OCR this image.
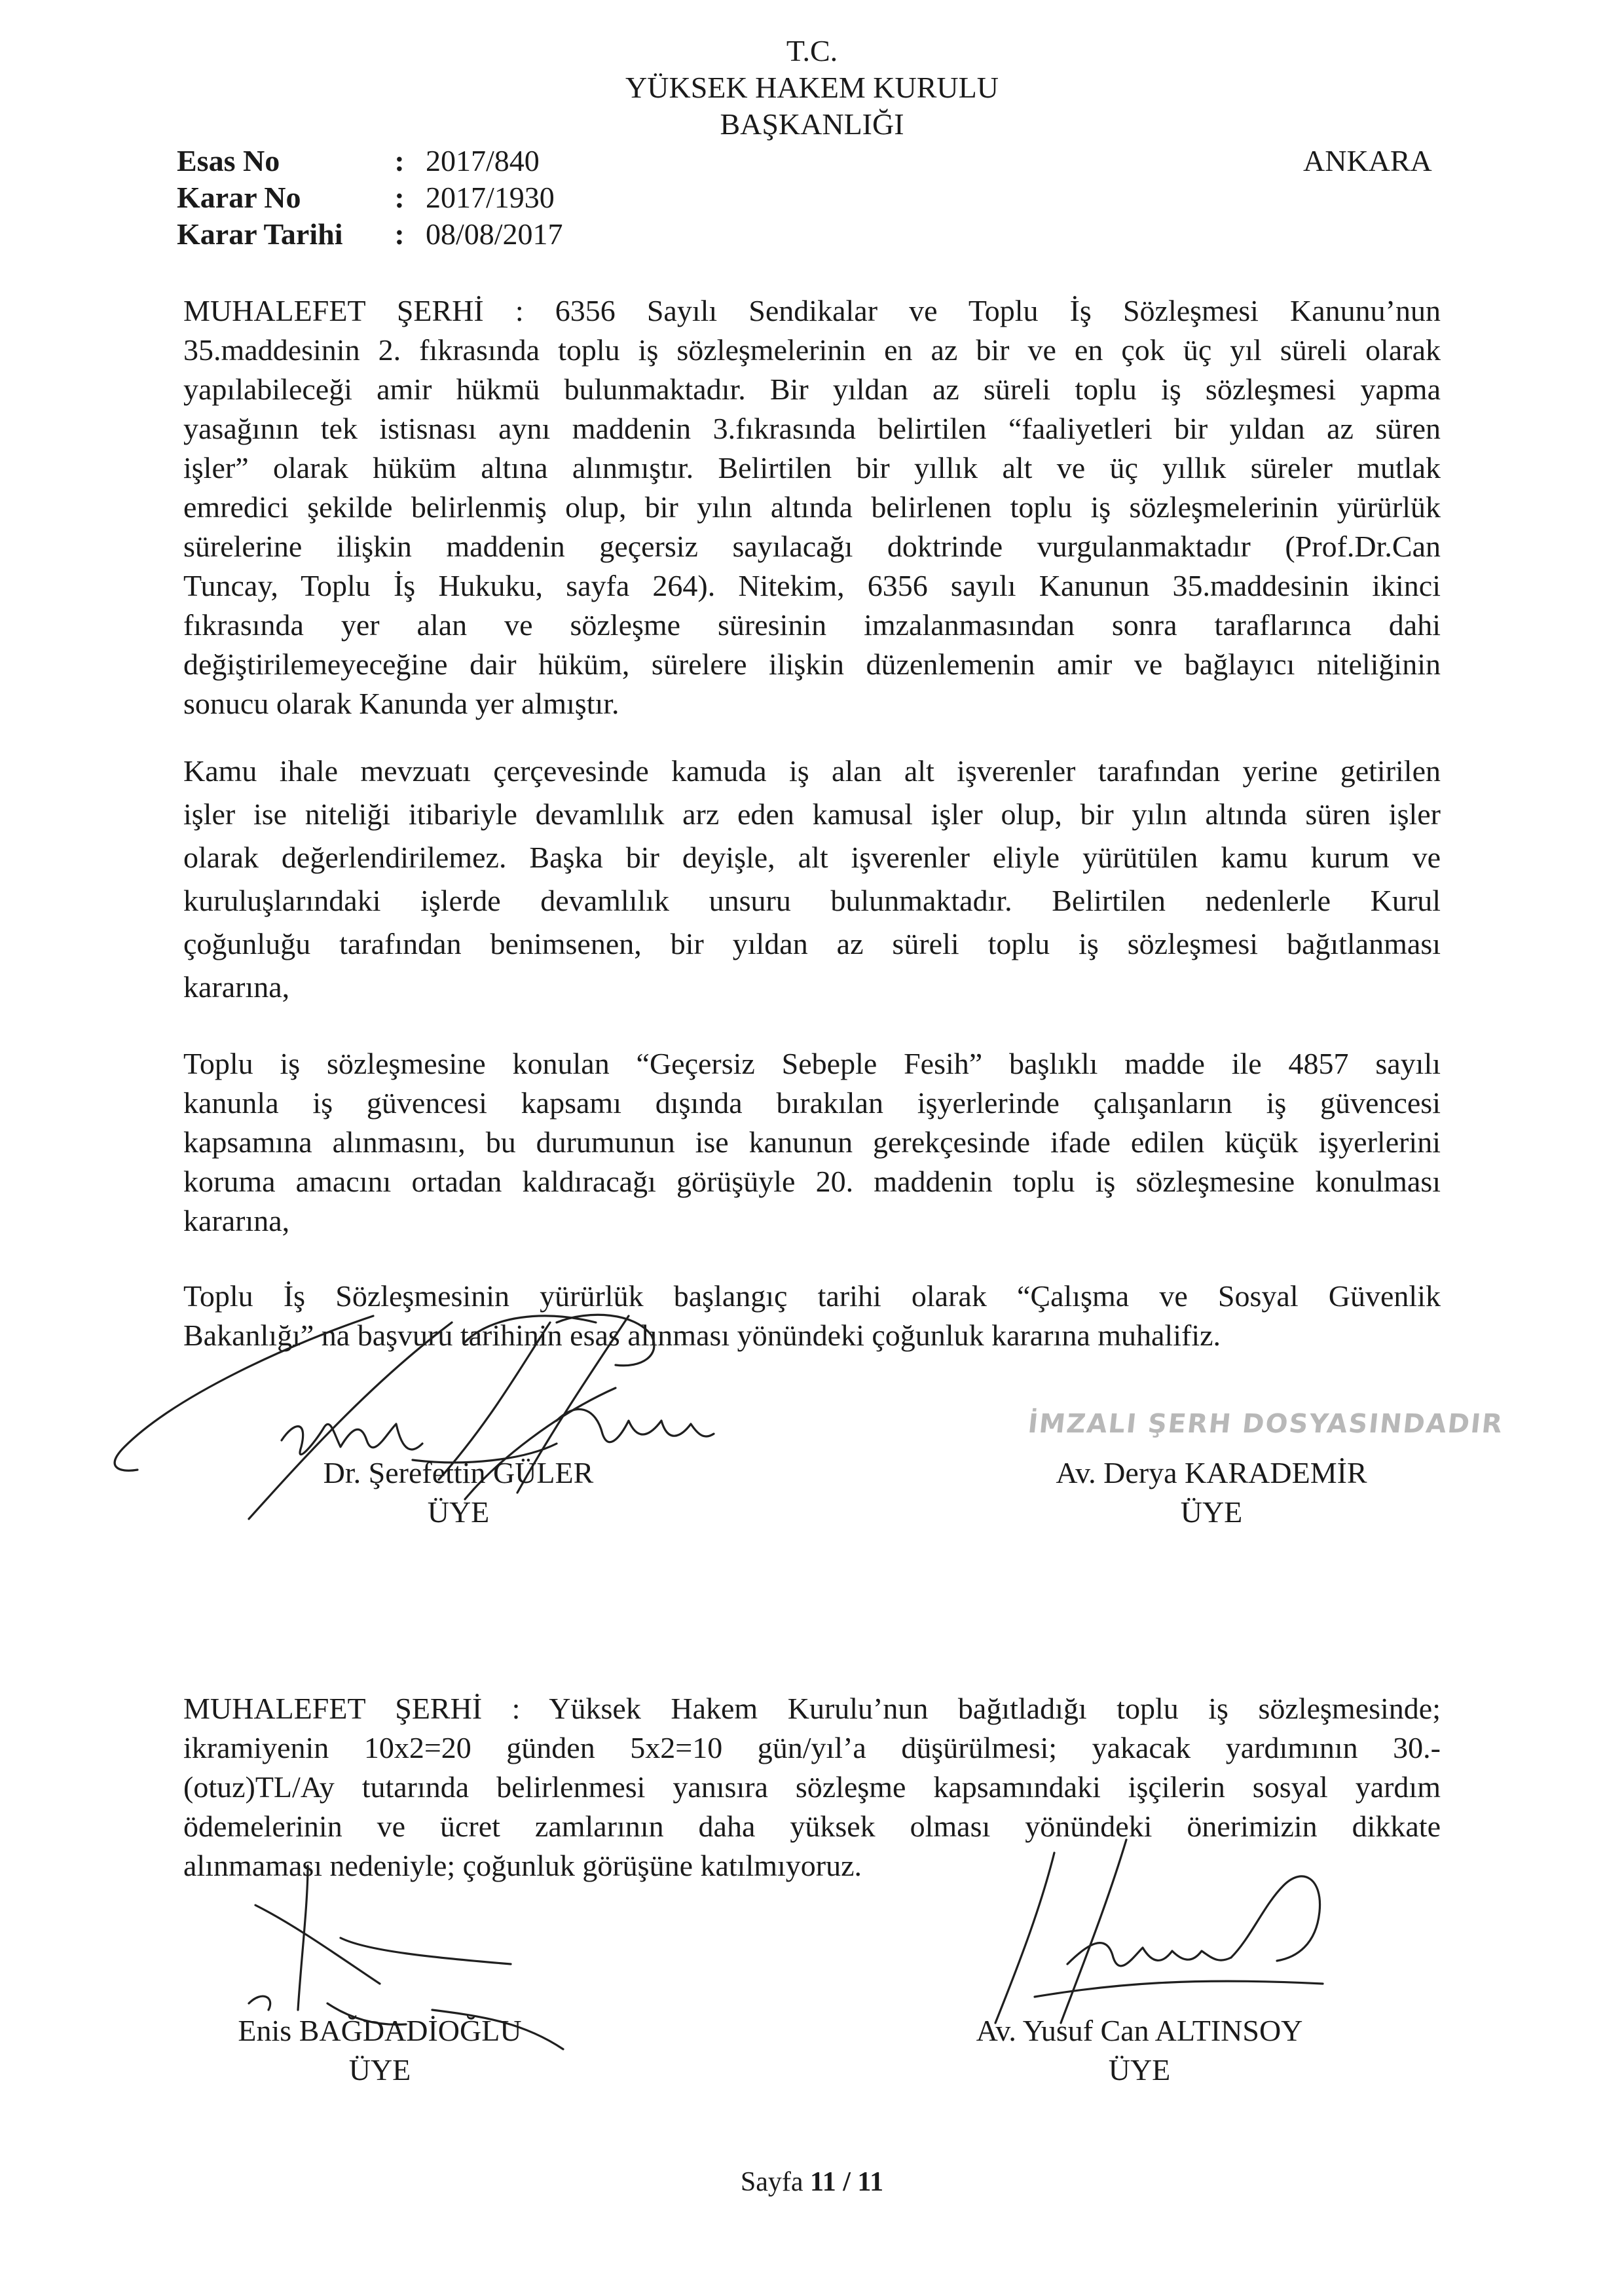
T.C.
YÜKSEK HAKEM KURULU
BAŞKANLIĞI
ANKARA
Esas No	: 2017/840
Karar No	: 2017/1930
Karar Tarihi : 08/08/2017
MUHALEFET ŞERHİ : 6356 Sayılı Sendikalar ve Toplu İş Sözleşmesi Kanunu’nun
35.maddesinin 2. fıkrasında toplu iş sözleşmelerinin en az bir ve en çok üç yıl süreli olarak
yapılabileceği amir hükmü bulunmaktadır. Bir yıldan az süreli toplu iş sözleşmesi yapma
yasağının tek istisnası aynı maddenin 3.fıkrasında belirtilen “faaliyetleri bir yıldan az süren
işler” olarak hüküm altına alınmıştır. Belirtilen bir yıllık alt ve üç yıllık süreler mutlak
emredici şekilde belirlenmiş olup, bir yılın altında belirlenen toplu iş sözleşmelerinin yürürlük
sürelerine ilişkin maddenin geçersiz sayılacağı doktrinde vurgulanmaktadır (Prof.Dr.Can
Tuncay, Toplu İş Hukuku, sayfa 264). Nitekim, 6356 sayılı Kanunun 35.maddesinin ikinci
fıkrasında yer alan ve sözleşme süresinin imzalanmasından sonra taraflarınca dahi
değiştirilemeyeceğine dair hüküm, sürelere ilişkin düzenlemenin amir ve bağlayıcı niteliğinin
sonucu olarak Kanunda yer almıştır.
Kamu ihale mevzuatı çerçevesinde kamuda iş alan alt işverenler tarafından yerine getirilen
işler ise niteliği itibariyle devamlılık arz eden kamusal işler olup, bir yılın altında süren işler
olarak değerlendirilemez. Başka bir deyişle, alt işverenler eliyle yürütülen kamu kurum ve
kuruluşlarındaki işlerde devamlılık unsuru bulunmaktadır. Belirtilen nedenlerle Kurul
çoğunluğu tarafından benimsenen, bir yıldan az süreli toplu iş sözleşmesi bağıtlanması
kararına,
Toplu iş sözleşmesine konulan “Geçersiz Sebeple Fesih” başlıklı madde ile 4857 sayılı
kanunla iş güvencesi kapsamı dışında bırakılan işyerlerinde çalışanların iş güvencesi
kapsamına alınmasını, bu durumunun ise kanunun gerekçesinde ifade edilen küçük işyerlerini
koruma amacını ortadan kaldıracağı görüşüyle 20. maddenin toplu iş sözleşmesine konulması
kararına,
Toplu İş Sözleşmesinin yürürlük başlangıç tarihi olarak “Çalışma ve Sosyal Güvenlik
Bakanlığı” na başvuru tarihinin esas alınması yönündeki çoğunluk kararına muhalifiz.
İMZALI ŞERH DOSYASINDADIR
Dr. Şerefettin GÜLER
ÜYE
Av. Derya KARADEMİR
ÜYE
MUHALEFET ŞERHİ : Yüksek Hakem Kurulu’nun bağıtladığı toplu iş sözleşmesinde;
ikramiyenin 10x2=20 günden 5x2=10 gün/yıl’a düşürülmesi; yakacak yardımının 30.-
(otuz)TL/Ay tutarında belirlenmesi yanısıra sözleşme kapsamındaki işçilerin sosyal yardım
ödemelerinin ve ücret zamlarının daha yüksek olması yönündeki önerimizin dikkate
alınmaması nedeniyle; çoğunluk görüşüne katılmıyoruz.
Enis BAĞDADİOĞLU
ÜYE
Av. Yusuf Can ALTINSOY
ÜYE
Sayfa 11 / 11
